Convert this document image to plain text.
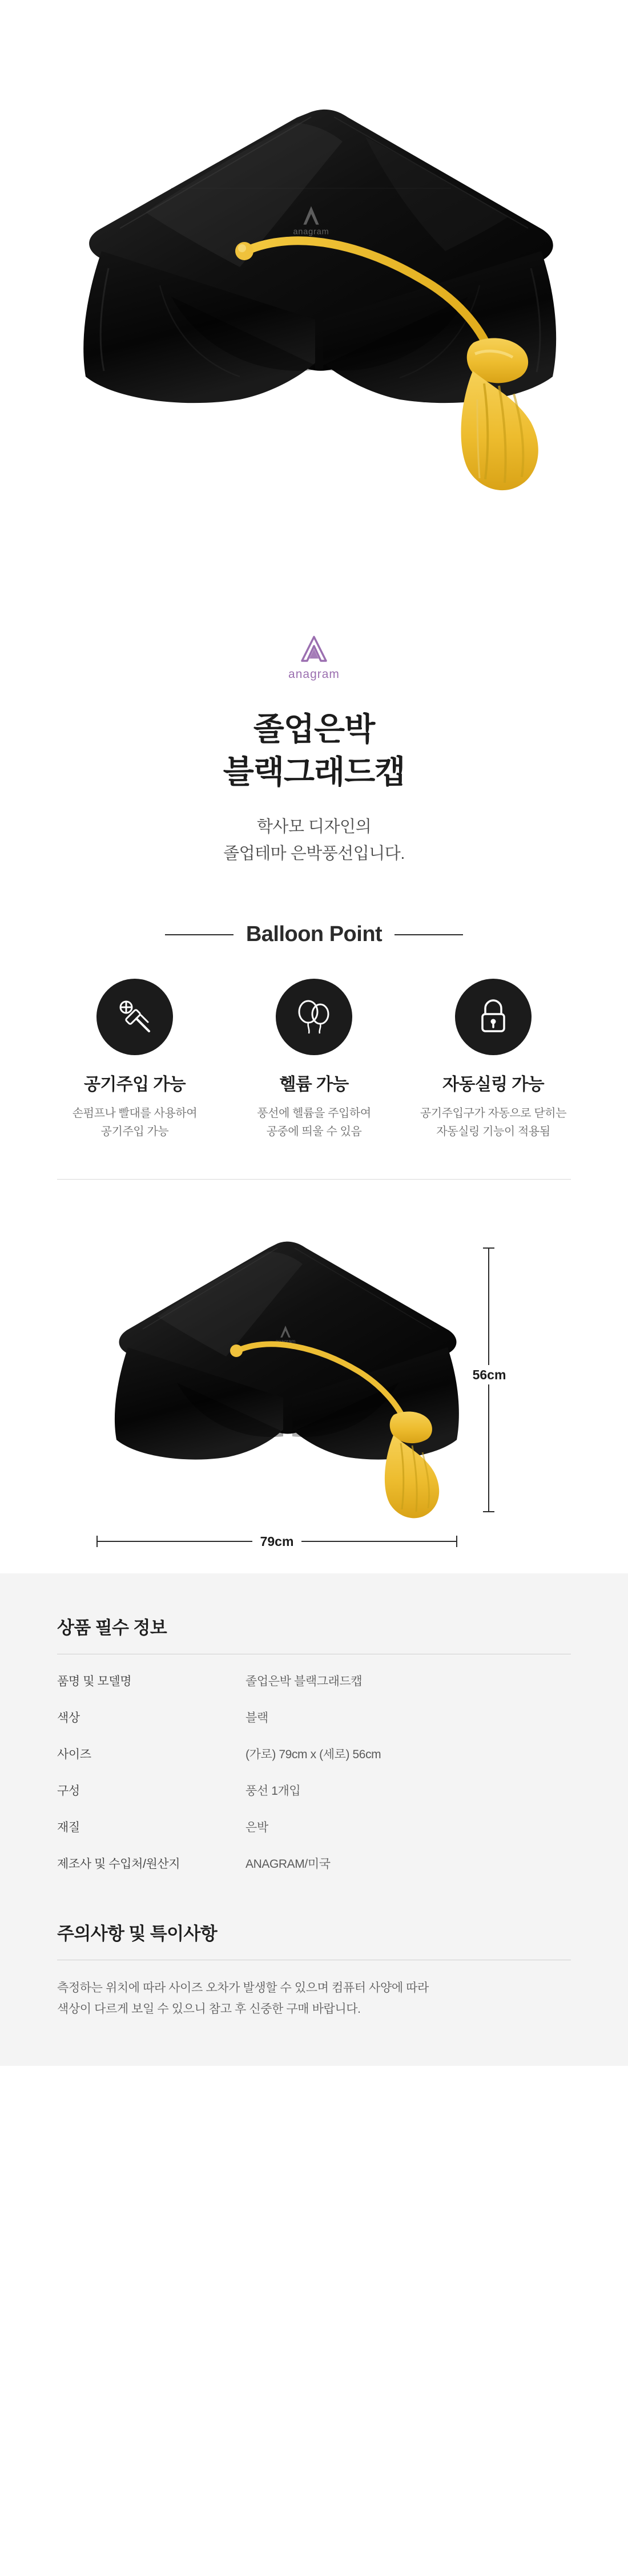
anagram
anagram
졸업은박
블랙그래드캡
학사모 디자인의
졸업테마 은박풍선입니다.
Balloon Point
공기주입 가능
손펌프나 빨대를 사용하여
공기주입 가능
헬륨 가능
풍선에 헬륨을 주입하여
공중에 띄울 수 있음
자동실링 가능
공기주입구가 자동으로 닫히는
자동실링 기능이 적용됨
anagram
56cm
79cm
상품 필수 정보
품명 및 모델명	졸업은박 블랙그래드캡
색상	블랙
사이즈	(가로) 79cm x (세로) 56cm
구성	풍선 1개입
재질	은박
제조사 및 수입처/원산지	ANAGRAM/미국
주의사항 및 특이사항
측정하는 위치에 따라 사이즈 오차가 발생할 수 있으며 컴퓨터 사양에 따라
색상이 다르게 보일 수 있으니 참고 후 신중한 구매 바랍니다.
